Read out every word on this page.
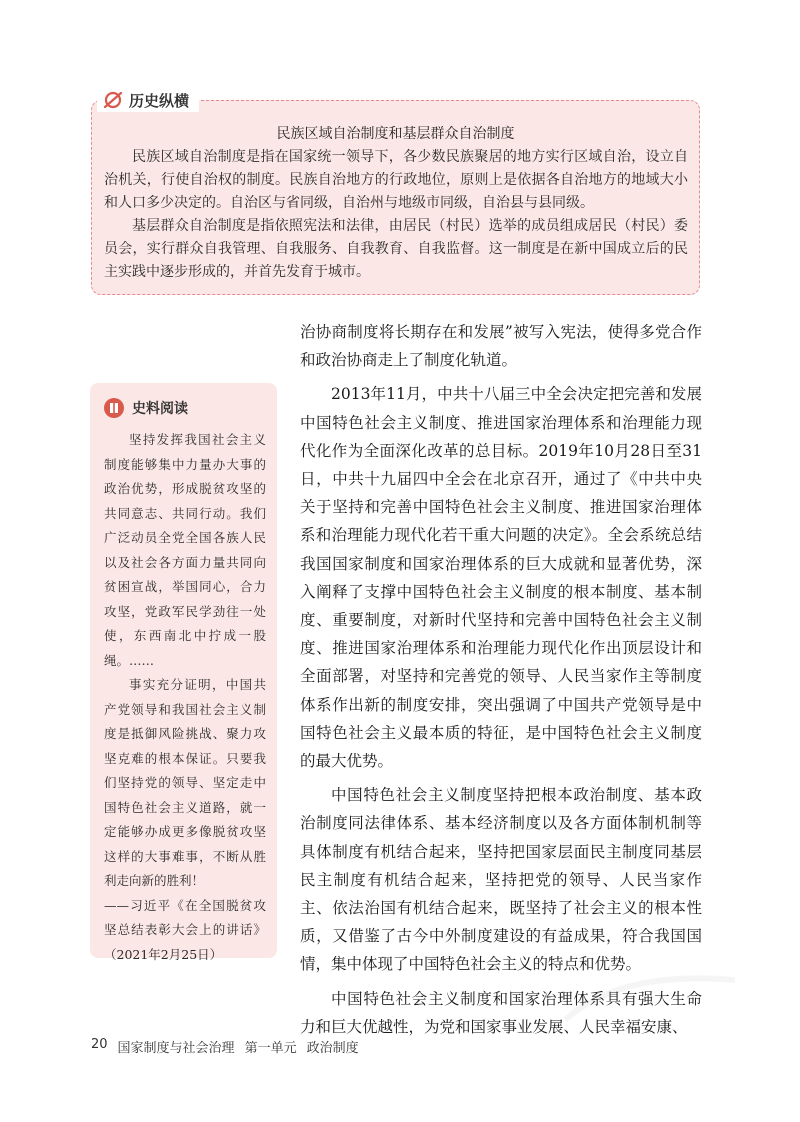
历史纵横
民族区域自治制度和基层群众自治制度

民族区域自治制度是指在国家统一领导下，各少数民族聚居的地方实行区域自治，设立自治机关，行使自治权的制度。民族自治地方的行政地位，原则上是依据各自治地方的地域大小和人口多少决定的。自治区与省同级，自治州与地级市同级，自治县与县同级。

基层群众自治制度是指依照宪法和法律，由居民（村民）选举的成员组成居民（村民）委员会，实行群众自我管理、自我服务、自我教育、自我监督。这一制度是在新中国成立后的民主实践中逐步形成的，并首先发育于城市。

史料阅读

坚持发挥我国社会主义制度能够集中力量办大事的政治优势，形成脱贫攻坚的共同意志、共同行动。我们广泛动员全党全国各族人民以及社会各方面力量共同向贫困宣战，举国同心，合力攻坚，党政军民学劲往一处使，东西南北中拧成一股绳。……

事实充分证明，中国共产党领导和我国社会主义制度是抵御风险挑战、聚力攻坚克难的根本保证。只要我们坚持党的领导、坚定走中国特色社会主义道路，就一定能够办成更多像脱贫攻坚这样的大事难事，不断从胜利走向新的胜利！

——习近平《在全国脱贫攻坚总结表彰大会上的讲话》（2021年2月25日）

治协商制度将长期存在和发展”被写入宪法，使得多党合作和政治协商走上了制度化轨道。

2013年11月，中共十八届三中全会决定把完善和发展中国特色社会主义制度、推进国家治理体系和治理能力现代化作为全面深化改革的总目标。2019年10月28日至31日，中共十九届四中全会在北京召开，通过了《中共中央关于坚持和完善中国特色社会主义制度、推进国家治理体系和治理能力现代化若干重大问题的决定》。全会系统总结我国国家制度和国家治理体系的巨大成就和显著优势，深入阐释了支撑中国特色社会主义制度的根本制度、基本制度、重要制度，对新时代坚持和完善中国特色社会主义制度、推进国家治理体系和治理能力现代化作出顶层设计和全面部署，对坚持和完善党的领导、人民当家作主等制度体系作出新的制度安排，突出强调了中国共产党领导是中国特色社会主义最本质的特征，是中国特色社会主义制度的最大优势。

中国特色社会主义制度坚持把根本政治制度、基本政治制度同法律体系、基本经济制度以及各方面体制机制等具体制度有机结合起来，坚持把国家层面民主制度同基层民主制度有机结合起来，坚持把党的领导、人民当家作主、依法治国有机结合起来，既坚持了社会主义的根本性质，又借鉴了古今中外制度建设的有益成果，符合我国国情，集中体现了中国特色社会主义的特点和优势。

中国特色社会主义制度和国家治理体系具有强大生命力和巨大优越性，为党和国家事业发展、人民幸福安康、

20 国家制度与社会治理 第一单元 政治制度
